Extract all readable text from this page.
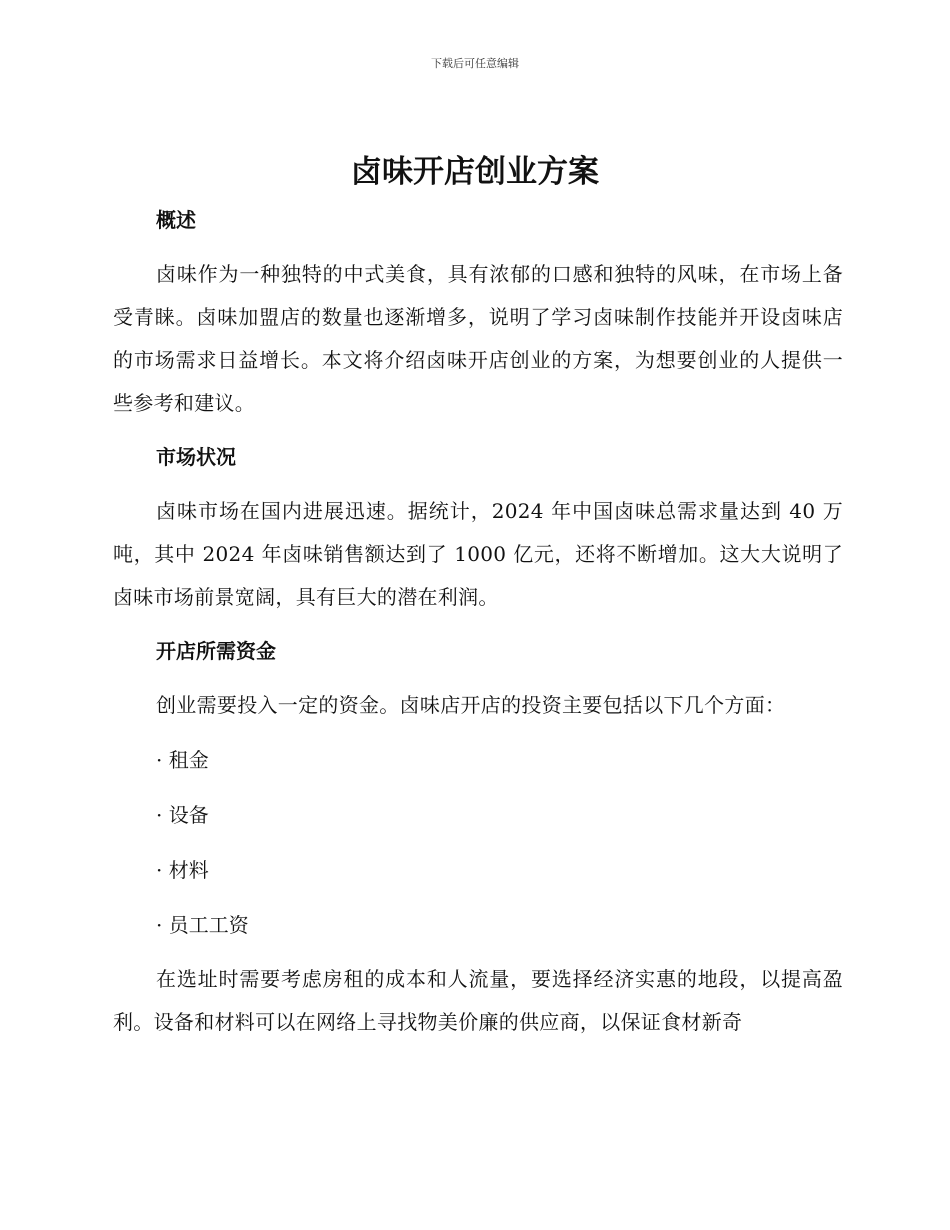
下载后可任意编辑
卤味开店创业方案
概述

卤味作为一种独特的中式美食，具有浓郁的口感和独特的风味，在市场上备受青睐。卤味加盟店的数量也逐渐增多，说明了学习卤味制作技能并开设卤味店的市场需求日益增长。本文将介绍卤味开店创业的方案，为想要创业的人提供一些参考和建议。

市场状况

卤味市场在国内进展迅速。据统计，2024 年中国卤味总需求量达到 40 万吨，其中 2024 年卤味销售额达到了 1000 亿元，还将不断增加。这大大说明了卤味市场前景宽阔，具有巨大的潜在利润。

开店所需资金

创业需要投入一定的资金。卤味店开店的投资主要包括以下几个方面：

· 租金

· 设备

· 材料

· 员工工资

在选址时需要考虑房租的成本和人流量，要选择经济实惠的地段，以提高盈利。设备和材料可以在网络上寻找物美价廉的供应商，以保证食材新奇
